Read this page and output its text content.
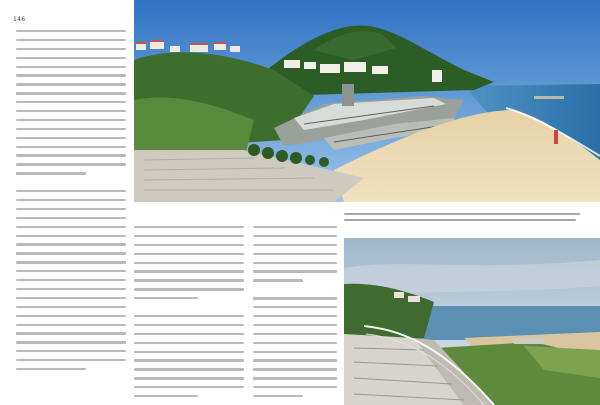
146
